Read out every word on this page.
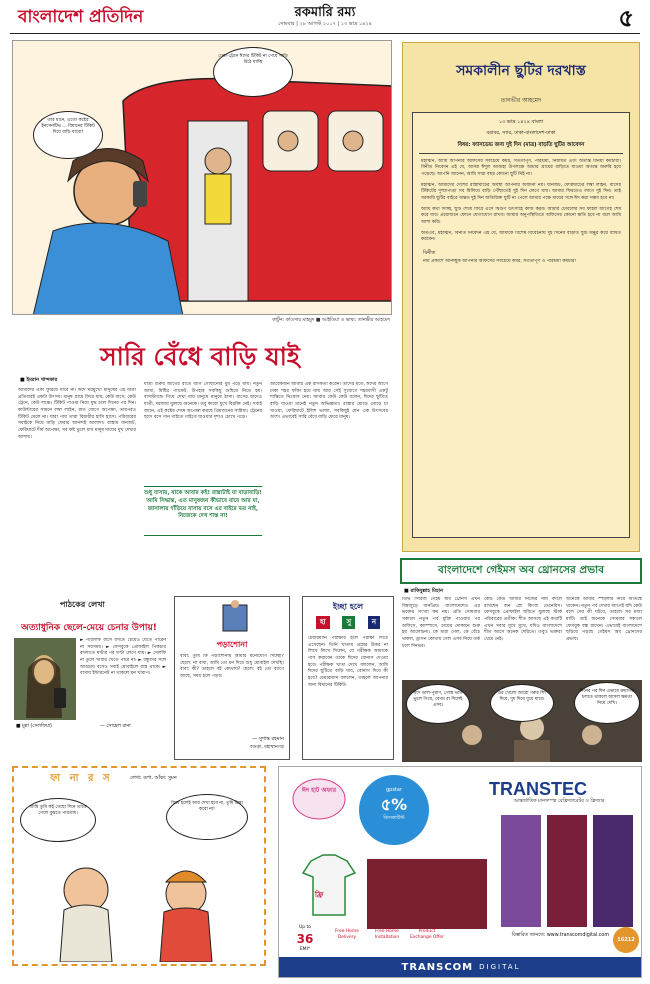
বাংলাদেশ প্রতিদিন	রকমারি রম্য
সোমবার | ২৮ আগস্ট ২০১৭ | ১৩ ভাদ্র ১৪২৪	৫
তার মানে, এতো কষ্টের ইনসেনটিভ ... বিমানের টিকিট দিয়ে বাড়ি যাবো!
ঢেকা-ট্রেনে ঈদের টিকিট না পেয়ে গাড়ি উঠে যাচ্ছি
কার্টুন: কাওসার মাহমুদ ■ আইডিয়া ও ভাষ্য: তানভীর আহমেদ
সারি বেঁধে বাড়ি যাই
■ ইমরান খান্দকার
আমাদের একা ফুরিয়ে যাবে না। ঈদে ঘরমুখো মানুষের এই যাত্রা প্রতিবারই একটা উৎসব। মানুষ গ্রামে ফিরে যায়, কেউ বাসে, কেউ ট্রেনে, কেউ লঞ্চে। টিকিট পাওয়া নিয়ে যুদ্ধ চলে দিনের পর দিন। কাউন্টারের সামনে লম্বা লাইন, রাত জেগে অপেক্ষা, তারপরও টিকিট মেলে না। যারা পায় তারা বিজয়ীর হাসি হাসে। পরিবারের সবাইকে নিয়ে বাড়ি ফেরার আনন্দই আলাদা। রাস্তায় যানজট, ফেরিঘাটে দীর্ঘ অপেক্ষা, সব কষ্ট ভুলে যায় মানুষ মায়ের মুখ দেখার আশায়।
যাত্রা শুরুর আগের রাতে ব্যাগ গোছানোর ধুম পড়ে যায়। নতুন জামা, মিষ্টির প্যাকেট, উপহার সবকিছু গুছিয়ে নিতে হয়। বাসস্ট্যান্ডে গিয়ে দেখা যায় মানুষে মানুষে ঠাসা। বাসের ছাদেও যাত্রী, দরজায় ঝুলছে অনেকে। তবু কারো মুখে বিরক্তি নেই। সবাই জানে, এই কষ্টের শেষে অপেক্ষা করছে প্রিয়জনের সান্নিধ্য। ট্রেনের ছাদে বসে গান গাইতে গাইতে যাওয়ার দৃশ্যও চোখে পড়ে।
শুধু বাসায়, যাকে আবার কই! রাস্তাটাই যা বাড়াবাড়ি! আমি সিদ্ধান্ত, এত মানুষজন কীভাবে যাবে আর যা, জানালায় দাঁড়িয়ে বাসায় বসে এর বাইরে ভয় নাই, নিজেকে দেখ শাস্ত না!
আরেকজন আবার এক রসিকতা করেন। তাদের মতে, ঈদের আগে ঢাকা শহর ফাঁকা হয়ে যায় আর সেই সুযোগে শহরবাসী একটু শান্তিতে নিঃশ্বাস নেয়। আবার কেউ কেউ বলেন, ঈদের ছুটিতে বাড়ি যাওয়া মানেই নতুন অভিজ্ঞতা। রাস্তার মোড়ে মোড়ে চা খাওয়া, ফেরিঘাটে ইলিশ ভাজা, সবকিছুই যেন এক উৎসবের অংশ। এভাবেই সারি বেঁধে বাড়ি ফেরে মানুষ।
সমকালীন ছুটির দরখাস্ত
তানভীর আহমেদ
১৩ ভাদ্র ১৪২৪ বাংলা
বরাবর, স্যার, ঢাকা-বাংলাদেশ-ঢাকা
বিষয়: ফ্যানডেভ জন্য দুই দিন (মাত্র) বাড়তি ছুটির আবেদন
মহাত্মন, আমি আপনার অফিসের সবচেয়ে কর্মঠ, সততাপূর্ণ, পরিশ্রমী, নিয়মিত এবং অত্যন্ত বিনয়ী কর্মচারী। বিনীত নিবেদন এই যে, আসন্ন ঈদুল আজহা উপলক্ষে আমার গ্রামের বাড়িতে যাওয়া অত্যন্ত জরুরি হয়ে পড়েছে। আপনি জানেন, আমি সারা বছর কোনো ছুটি নিই না।
মহাত্মন, আমাদের দেশের রাস্তাঘাটের অবস্থা আপনার অজানা নয়। যানজট, ফেরিঘাটের লম্বা লাইন, বাসের টিকিটের দুষ্প্রাপ্যতা সব মিলিয়ে বাড়ি পৌঁছাতেই দুই দিন লেগে যায়। আবার ফিরতেও লাগে দুই দিন। তাই সরকারি ছুটির বাইরে অন্তত দুই দিন অতিরিক্ত ছুটি না পেলে আমার পক্ষে মায়ের সঙ্গে ঈদ করা সম্ভব হবে না।
আমি কথা দিচ্ছি, ছুটি শেষে ফিরে এসে দ্বিগুণ উৎসাহে কাজ করব। আমার টেবিলের সব ফাইল আগেই শেষ করে যাব। প্রয়োজনে ফোনে যোগাযোগ রাখব। আমার অনুপস্থিতিতে অফিসের কোনো ক্ষতি হবে না বলে আমি আশা করি।
অতএব, মহাত্মন, বিনীত নিবেদন এই যে, আমাকে বিশেষ বিবেচনায় দুই দিনের বাড়তি ছুটি মঞ্জুর করে বাধিত করবেন।
বিনীত
নাম প্রকাশে অনিচ্ছুক আপনার অফিসের সবচেয়ে কর্মঠ, সততাপূর্ণ ও পরিশ্রমী কর্মচারী
বাংলাদেশে গেইমস অব থ্রোনসের প্রভাব
■ রাকিবুল্লাহ মিহান
টিভি সিরিজ গেইম অব থ্রোনস এখন বিশ্বজুড়ে জনপ্রিয়। বাংলাদেশেও এর ভক্তের সংখ্যা কম নয়। প্রতি সোমবার সকালে নতুন পর্ব মুক্তি পাওয়ার পর অফিসে, ক্যাম্পাসে, চায়ের দোকানে শুরু হয় আলোচনা। কে মারা গেল, কে বেঁচে থাকল, ড্রাগন কোথায় গেল এসব নিয়ে তর্ক চলে দিনভর।
কেউ কেউ আবার নিজের নাম বদলে রাখছেন জন স্নো কিংবা ডেনেরিস। ফেসবুকে প্রোফাইল ছবিতে ঝুলছে স্টার্ক পরিবারের প্রতীক। শীত আসছে এই কথাটি এখন সবার মুখে মুখে, যদিও বাংলাদেশে শীত আসে অনেক দেরিতে। তবুও ভক্তরা থেমে নেই।
অনেকে আবার স্পয়লার নিয়ে আতঙ্কে থাকেন। নতুন পর্ব দেখার আগেই যদি কেউ বলে দেয় কী ঘটবে, তাহলে সব মজা মাটি। তাই অনেকে সোমবার সকালে ফেসবুক বন্ধ রাখেন। এভাবেই বাংলাদেশে ছড়িয়ে পড়ছে গেইমস অব থ্রোনসের প্রভাব।
ঈদে ডাল-পুরাণ, গোস্ত ভাত ভুলে গিয়ে, বেগম রা দিলেই এসব।
ওর খেলো আরো গরুর শিং দিয়ে, দুধ দিয়ে ধুয়ে যাবে।
দিনের পর দিন এভাবে ক্রমাগত চলতে থাকলে আসল ক্ষমতা নিয়ে দেখি।
পাঠকের লেখা
অত্যাধুনিক ছেলে-মেয়ে চেনার উপায়!
■ মুন্না (সেলফিয়া)
► পাবলিক বাসে বসতে চেয়েও যেতে পারেন না সবসময়। ► ফেসবুকে প্রোফাইল পিকচার বদলাতে ঘণ্টার পর ঘণ্টা লেগে যায়। ► সেলফি না তুলে খাবার খেতে পারে না। ► বন্ধুদের সঙ্গে আড্ডায় বসেও সবাই মোবাইলে ব্যস্ত থাকে। ► বাসায় ইন্টারনেট না থাকলে মন খারাপ।
— সোহেল রানা
পড়াশোনা
বাবা: তুমি কি পড়াশোনায় আমার মনোযোগ দিচ্ছো? ছেলে: না বাবা, আমি তো মন দিয়ে শুধু মোবাইল দেখছি। বাবা: কী? তাহলে বই কোথায়? ছেলে: বই তো ব্যাগে আছে, সময় হলে পড়ব।
— সুশান্ত রহমান
বগুড়া, মহাস্থানগড়
ইচ্ছা হলে
হা	সু	ন
চেয়ারম্যান পরীক্ষার হলে পরীক্ষা দিতে এসেছেন। তিনি খাতায় প্রশ্নের উত্তর না লিখে লিখে দিলেন, যে পরীক্ষক আমাকে পাস করাবেন তাকে ঈদের বোনাস দেওয়া হবে। পরীক্ষক খাতা দেখে বললেন, আমি ঈদের ছুটিতে বাড়ি যাব, বোনাস দিয়ে কী হবে? চেয়ারম্যান বললেন, তাহলে আপনার জন্য বিমানের টিকিট।
ফা না র স	লেখা: রূপা, আঁকা: সুমন
আমি তুমি কই গেছো দিনে তাকে গেলে বুঝতে পারতাম।
বিয়ে হলেই আর দেখা হবে না, তুমি চিন্তা করো না!
ঈদ হাট অফার	gpstar
৫%
ডিসকাউন্ট
TRANSTEC
আন্তর্জাতিক মানসম্পন্ন রেফ্রিজারেটর ও ফ্রিজার
ফ্রি
Up to
36
EMI*
Free Home Delivery
Free Home Installation
Product Exchange Offer	বিস্তারিত জানতে: www.transcomdigital.com
16212
TRANSCOM DIGITAL
